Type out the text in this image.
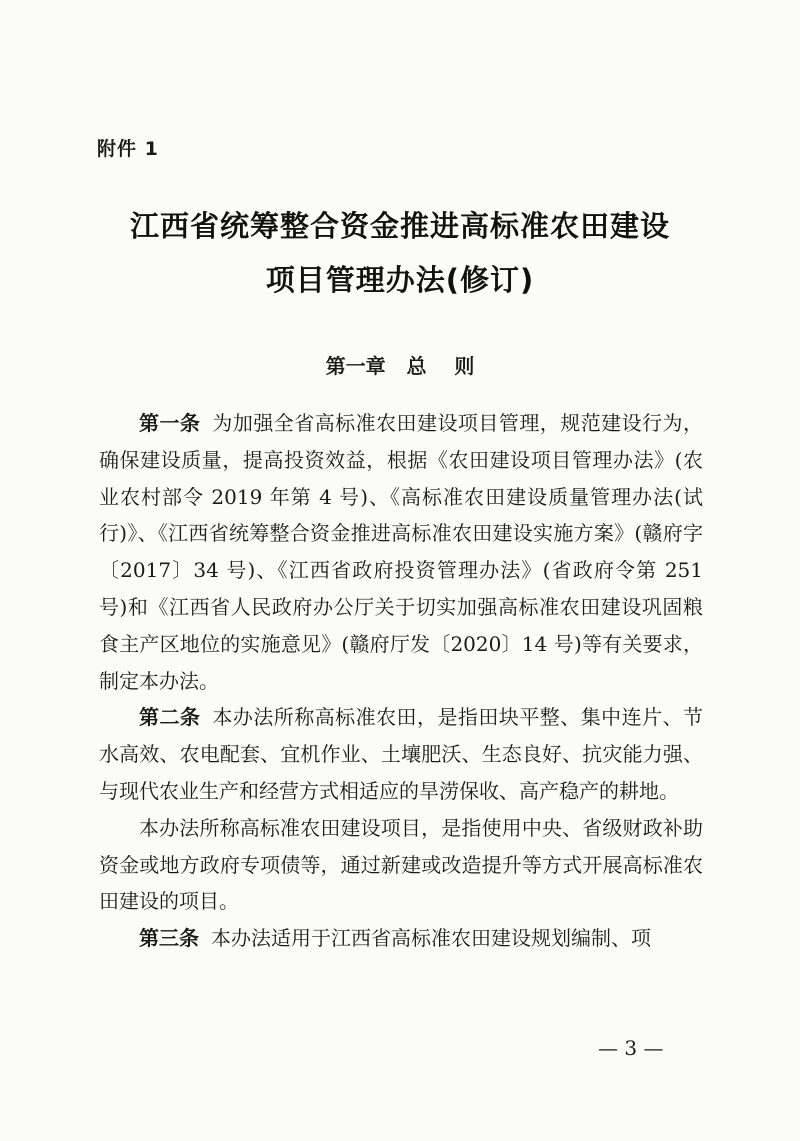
附件 1
江西省统筹整合资金推进高标准农田建设
项目管理办法(修订)
第一章   总    则

第一条 为加强全省高标准农田建设项目管理，规范建设行为，确保建设质量，提高投资效益，根据《农田建设项目管理办法》(农业农村部令 2019 年第 4 号)、《高标准农田建设质量管理办法(试行)》、《江西省统筹整合资金推进高标准农田建设实施方案》(赣府字〔2017〕34 号)、《江西省政府投资管理办法》(省政府令第 251 号)和《江西省人民政府办公厅关于切实加强高标准农田建设巩固粮食主产区地位的实施意见》(赣府厅发〔2020〕14 号)等有关要求，制定本办法。

第二条 本办法所称高标准农田，是指田块平整、集中连片、节水高效、农电配套、宜机作业、土壤肥沃、生态良好、抗灾能力强、与现代农业生产和经营方式相适应的旱涝保收、高产稳产的耕地。

本办法所称高标准农田建设项目，是指使用中央、省级财政补助资金或地方政府专项债等，通过新建或改造提升等方式开展高标准农田建设的项目。

第三条 本办法适用于江西省高标准农田建设规划编制、项

— 3 —
